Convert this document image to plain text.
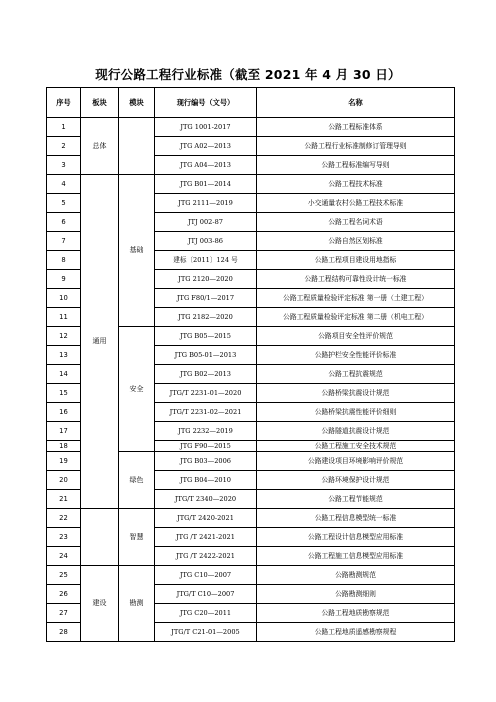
现行公路工程行业标准（截至 2021 年 4 月 30 日）
序号	板块	模块	现行编号（文号）	名称
1	总体		JTG 1001-2017	公路工程标准体系
2			JTG A02—2013	公路工程行业标准制修订管理导则
3			JTG A04—2013	公路工程标准编写导则
4	通用	基础	JTG B01—2014	公路工程技术标准
5			JTG 2111—2019	小交通量农村公路工程技术标准
6			JTJ 002-87	公路工程名词术语
7			JTJ 003-86	公路自然区划标准
8			建标〔2011〕124 号	公路工程项目建设用地指标
9			JTG 2120—2020	公路工程结构可靠性设计统一标准
10			JTG F80/1—2017	公路工程质量检验评定标准 第一册（土建工程）
11			JTG 2182—2020	公路工程质量检验评定标准 第二册（机电工程）
12		安全	JTG B05—2015	公路项目安全性评价规范
13			JTG B05-01—2013	公路护栏安全性能评价标准
14			JTG B02—2013	公路工程抗震规范
15			JTG/T 2231-01—2020	公路桥梁抗震设计规范
16			JTG/T 2231-02—2021	公路桥梁抗震性能评价细则
17			JTG 2232—2019	公路隧道抗震设计规范
18			JTG F90—2015	公路工程施工安全技术规范
19		绿色	JTG B03—2006	公路建设项目环境影响评价规范
20			JTG B04—2010	公路环境保护设计规范
21			JTG/T 2340—2020	公路工程节能规范
22		智慧	JTG/T 2420-2021	公路工程信息模型统一标准
23			JTG /T 2421-2021	公路工程设计信息模型应用标准
24			JTG /T 2422-2021	公路工程施工信息模型应用标准
25	建设	勘测	JTG C10—2007	公路勘测规范
26			JTG/T C10—2007	公路勘测细则
27			JTG C20—2011	公路工程地质勘察规范
28			JTG/T C21-01—2005	公路工程地质遥感勘察规程
